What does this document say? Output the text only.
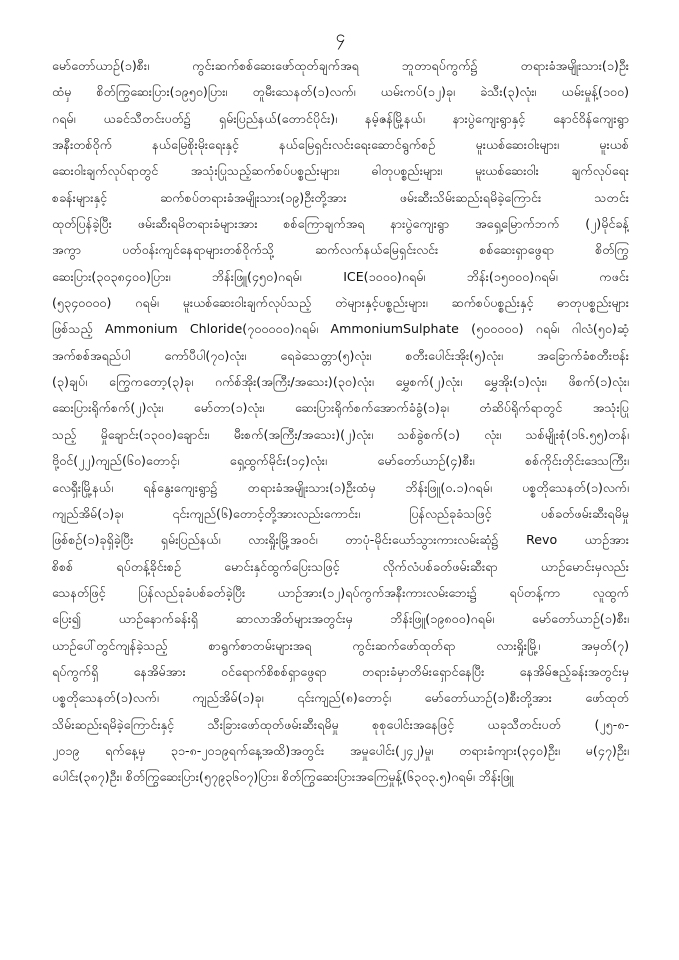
၄
မော်တော်ယာဉ်(၁)စီး၊ ကွင်းဆက်စစ်ဆေးဖော်ထုတ်ချက်အရ ဘူတာရပ်ကွက်၌ တရားခံအမျိုးသား(၁)ဦး
ထံမှ စိတ်ကြွဆေးပြား(၁၉၅၀)ပြား၊ တူမီးသေနတ်(၁)လက်၊ ယမ်းကပ်(၁၂)ခု၊ ခဲသီး(၃)လုံး၊ ယမ်းမှုန့်(၁၀၀)
ဂရမ်၊ ယခင်သီတင်းပတ်၌ ရှမ်းပြည်နယ်(တောင်ပိုင်း)၊ နမ့်ဇန်မြို့နယ်၊ နားပွဲကျေးရွာနှင့် နောင်ဝိန်ကျေးရွာ
အနီးတစ်ဝိုက် နယ်မြေစိုးမိုးရေးနှင့် နယ်မြေရှင်းလင်းရေးဆောင်ရွက်စဉ် မူးယစ်ဆေးဝါးများ၊ မူးယစ်
ဆေးဝါးချက်လုပ်ရာတွင် အသုံးပြုသည့်ဆက်စပ်ပစ္စည်းများ၊ ဓါတုပစ္စည်းများ၊ မူးယစ်ဆေးဝါး ချက်လုပ်ရေး
စခန်းများနှင့် ဆက်စပ်တရားခံအမျိုးသား(၁၉)ဦးတို့အား ဖမ်းဆီးသိမ်းဆည်းရမိခဲ့ကြောင်း သတင်း
ထုတ်ပြန်ခဲ့ပြီး ဖမ်းဆီးရမိတရားခံများအား စစ်ကြောချက်အရ နားပွဲကျေးရွာ အရှေ့မြောက်ဘက် (၂)မိုင်ခန့်
အကွာ ပတ်ဝန်းကျင်နေရာများတစ်ဝိုက်သို့ ဆက်လက်နယ်မြေရှင်းလင်း စစ်ဆေးရှာဖွေရာ စိတ်ကြွ
ဆေးပြား(၃၀၃၈၄၀၀)ပြား၊ ဘိန်းဖြူ(၄၅၀)ဂရမ်၊ ICE(၁၀၀၀)ဂရမ်၊ ဘိန်း(၁၅၀၀၀)ဂရမ်၊ ကဖင်း
(၅၃၄၀၀၀၀) ဂရမ်၊ မူးယစ်ဆေးဝါးချက်လုပ်သည့် တဲများနှင့်ပစ္စည်းများ၊ ဆက်စပ်ပစ္စည်းနှင့် ဓာတုပစ္စည်းများ
ဖြစ်သည့် Ammonium Chloride(၇၀၀၀၀၀)ဂရမ်၊ AmmoniumSulphate (၅၀၀၀၀၀) ဂရမ်၊ ဂါလံ(၅၀)ဆံ့
အက်စစ်အရည်ပါ ကော်ပီပါ(၇၀)လုံး၊ ရေခဲသေတ္တာ(၅)လုံး၊ စတီးပေါင်းအိုး(၅)လုံး၊ အခြောက်ခံစတီးဗန်း
(၃)ချပ်၊ ကြွေကတော့(၃)ခု၊ ဂက်စ်အိုး(အကြီး/အသေး)(၃၀)လုံး၊ မွှေစက်(၂)လုံး၊ မွှေအိုး(၁)လုံး၊ ဖိစက်(၁)လုံး၊
ဆေးပြားရိုက်စက်(၂)လုံး၊ မော်တာ(၁)လုံး၊ ဆေးပြားရိုက်စက်အောက်ခံခွံ(၁)ခု၊ တံဆိပ်ရိုက်ရာတွင် အသုံးပြု
သည့် မှိုချောင်း(၁၃၀၀)ချောင်း၊ မီးစက်(အကြီး/အသေး)(၂)လုံး၊ သစ်ခွဲစက်(၁) လုံး၊ သစ်မျိုးစုံ(၁၆.၅၅)တန်၊
ဗို့ဝင်(၂၂)ကျည်(၆၀)တောင့်၊ ရှေ့ထွက်မိုင်း(၁၄)လုံး၊ မော်တော်ယာဉ်(၄)စီး၊ စစ်ကိုင်းတိုင်းဒေသကြီး၊
လေရှီးမြို့နယ်၊ ရန်နွေးကျေးရွာ၌ တရားခံအမျိုးသား(၁)ဦးထံမှ ဘိန်းဖြူ(၀.၁)ဂရမ်၊ ပစ္စတိုသေနတ်(၁)လက်၊
ကျည်အိမ်(၁)ခု၊ ၎င်းကျည်(၆)တောင့်တို့အားလည်းကောင်း၊ ပြန်လည်ခုခံသဖြင့် ပစ်ခတ်ဖမ်းဆီးရမိမှု
ဖြစ်စဉ်(၁)ခုရှိခဲ့ပြီး ရှမ်းပြည်နယ်၊ လားရှိုးမြို့အဝင်၊ တာပုံ-မိုင်းယော်သွားကားလမ်းဆုံ၌ Revo ယာဉ်အား
စိစစ် ရပ်တန့်ခိုင်းစဉ် မောင်းနှင်ထွက်ပြေးသဖြင့် လိုက်လံပစ်ခတ်ဖမ်းဆီးရာ ယာဉ်မောင်းမှလည်း
သေနတ်ဖြင့် ပြန်လည်ခုခံပစ်ခတ်ခဲ့ပြီး ယာဉ်အား(၁၂)ရပ်ကွက်အနီးကားလမ်းဘေး၌ ရပ်တန့်ကာ လူထွက်
ပြေး၍ ယာဉ်နောက်ခန်းရှိ ဆာလာအိတ်များအတွင်းမှ ဘိန်းဖြူ(၁၉၈၀၀)ဂရမ်၊ မော်တော်ယာဉ်(၁)စီး၊
ယာဉ်ပေါ်တွင်ကျန်ခဲ့သည့် စာရွက်စာတမ်းများအရ ကွင်းဆက်ဖော်ထုတ်ရာ လားရှိုးမြို့၊ အမှတ်(၇)
ရပ်ကွက်ရှိ နေအိမ်အား ဝင်ရောက်စိစစ်ရှာဖွေရာ တရားခံမှာတိမ်းရှောင်နေပြီး နေအိမ်ဧည့်ခန်းအတွင်းမှ
ပစ္စတိုသေနတ်(၁)လက်၊ ကျည်အိမ်(၁)ခု၊ ၎င်းကျည်(၈)တောင့်၊ မော်တော်ယာဉ်(၁)စီးတို့အား ဖော်ထုတ်
သိမ်းဆည်းရမိခဲ့ကြောင်းနှင့် သီးခြားဖော်ထုတ်ဖမ်းဆီးရမိမှု စုစုပေါင်းအနေဖြင့် ယခုသီတင်းပတ် (၂၅-၈-
၂၀၁၉ ရက်နေ့မှ ၃၁-၈-၂၀၁၉ရက်နေ့အထိ)အတွင်း အမှုပေါင်း(၂၄၂)မှု၊ တရားခံကျား(၃၄၀)ဦး၊ မ(၄၇)ဦး၊
ပေါင်း(၃၈၇)ဦး၊ စိတ်ကြွဆေးပြား(၅၇၉၃၆၀၇)ပြား၊ စိတ်ကြွဆေးပြားအကြေမှုန့်(၆၃၀၃.၅)ဂရမ်၊ ဘိန်းဖြူ
